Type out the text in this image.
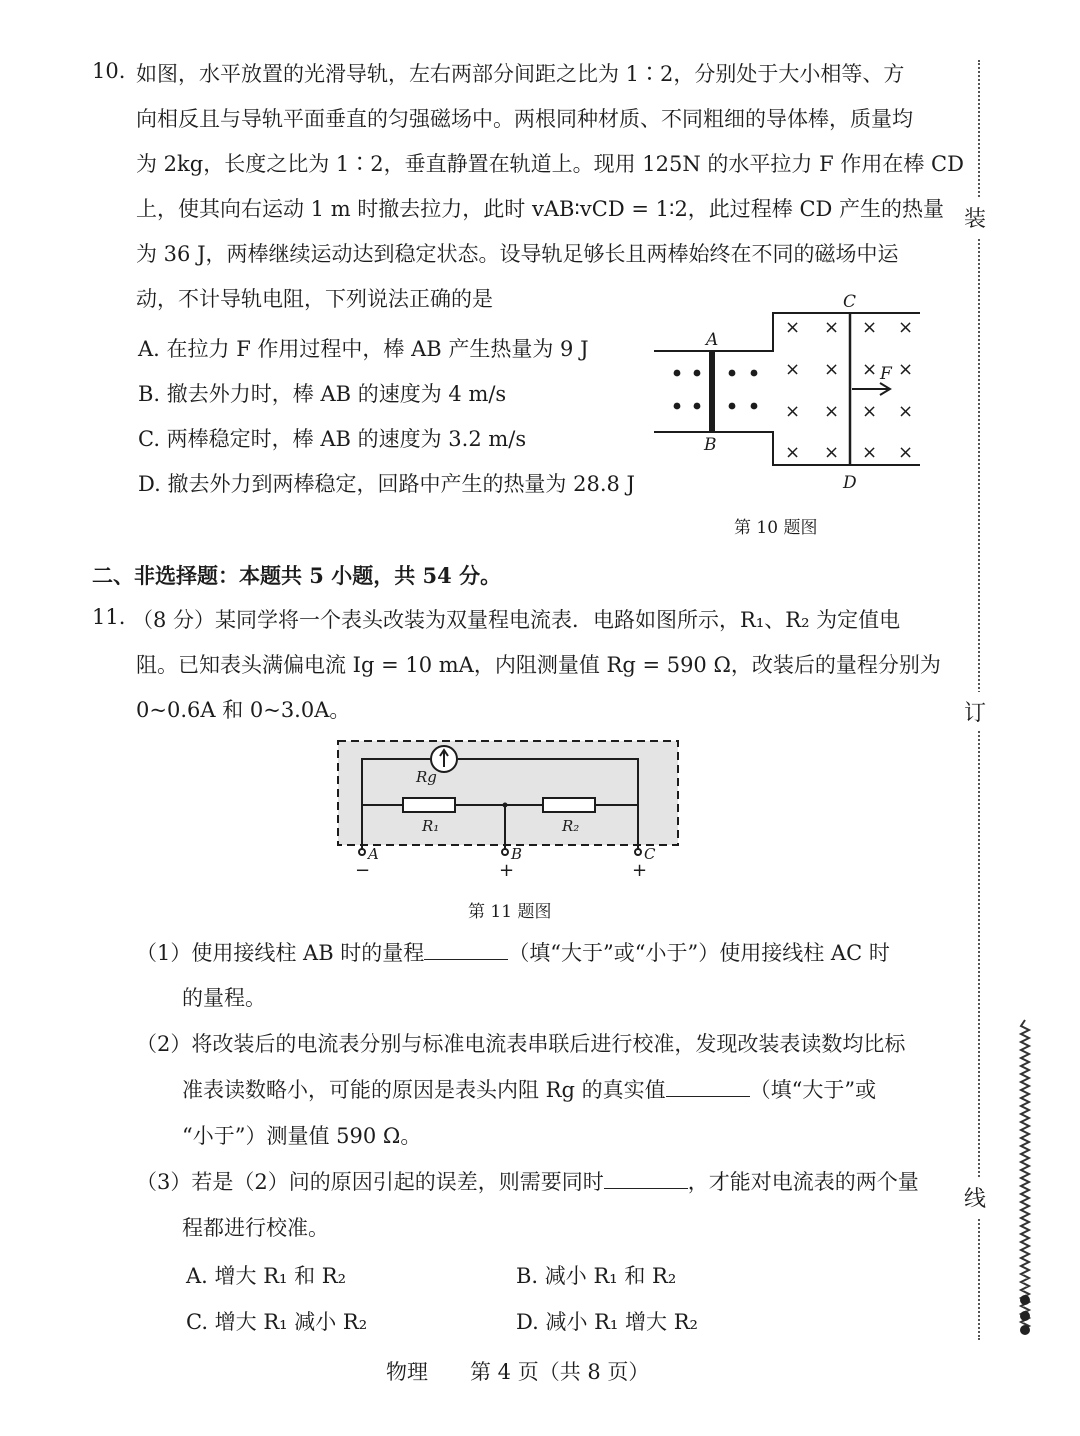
10. 如图，水平放置的光滑导轨，左右两部分间距之比为 1∶2，分别处于大小相等、方
向相反且与导轨平面垂直的匀强磁场中。两根同种材质、不同粗细的导体棒，质量均
为 2kg，长度之比为 1∶2，垂直静置在轨道上。现用 125N 的水平拉力 F 作用在棒 CD
上，使其向右运动 1 m 时撤去拉力，此时 vAB∶vCD = 1∶2，此过程棒 CD 产生的热量
为 36 J，两棒继续运动达到稳定状态。设导轨足够长且两棒始终在不同的磁场中运
动，不计导轨电阻，下列说法正确的是
A. 在拉力 F 作用过程中，棒 AB 产生热量为 9 J
B. 撤去外力时，棒 AB 的速度为 4 m/s
C. 两棒稳定时，棒 AB 的速度为 3.2 m/s
D. 撤去外力到两棒稳定，回路中产生的热量为 28.8 J
× × × ×
× × × ×
× × × ×
× × × ×
A
B
C
D
F
第 10 题图
二、非选择题：本题共 5 小题，共 54 分。
11. （8 分）某同学将一个表头改装为双量程电流表．电路如图所示，R₁、R₂ 为定值电
阻。已知表头满偏电流 Ig = 10 mA，内阻测量值 Rg = 590 Ω，改装后的量程分别为
0~0.6A 和 0~3.0A。
Rg
R₁	R₂
A	B	C
−	+	+
第 11 题图
（1）使用接线柱 AB 时的量程	（填“大于”或“小于”）使用接线柱 AC 时
的量程。
（2）将改装后的电流表分别与标准电流表串联后进行校准，发现改装表读数均比标
准表读数略小，可能的原因是表头内阻 Rg 的真实值	（填“大于”或
“小于”）测量值 590 Ω。
（3）若是（2）问的原因引起的误差，则需要同时	，才能对电流表的两个量
程都进行校准。
A. 增大 R₁ 和 R₂	B. 减小 R₁ 和 R₂
C. 增大 R₁ 减小 R₂	D. 减小 R₁ 增大 R₂
物理 第 4 页（共 8 页）
装
订
线
